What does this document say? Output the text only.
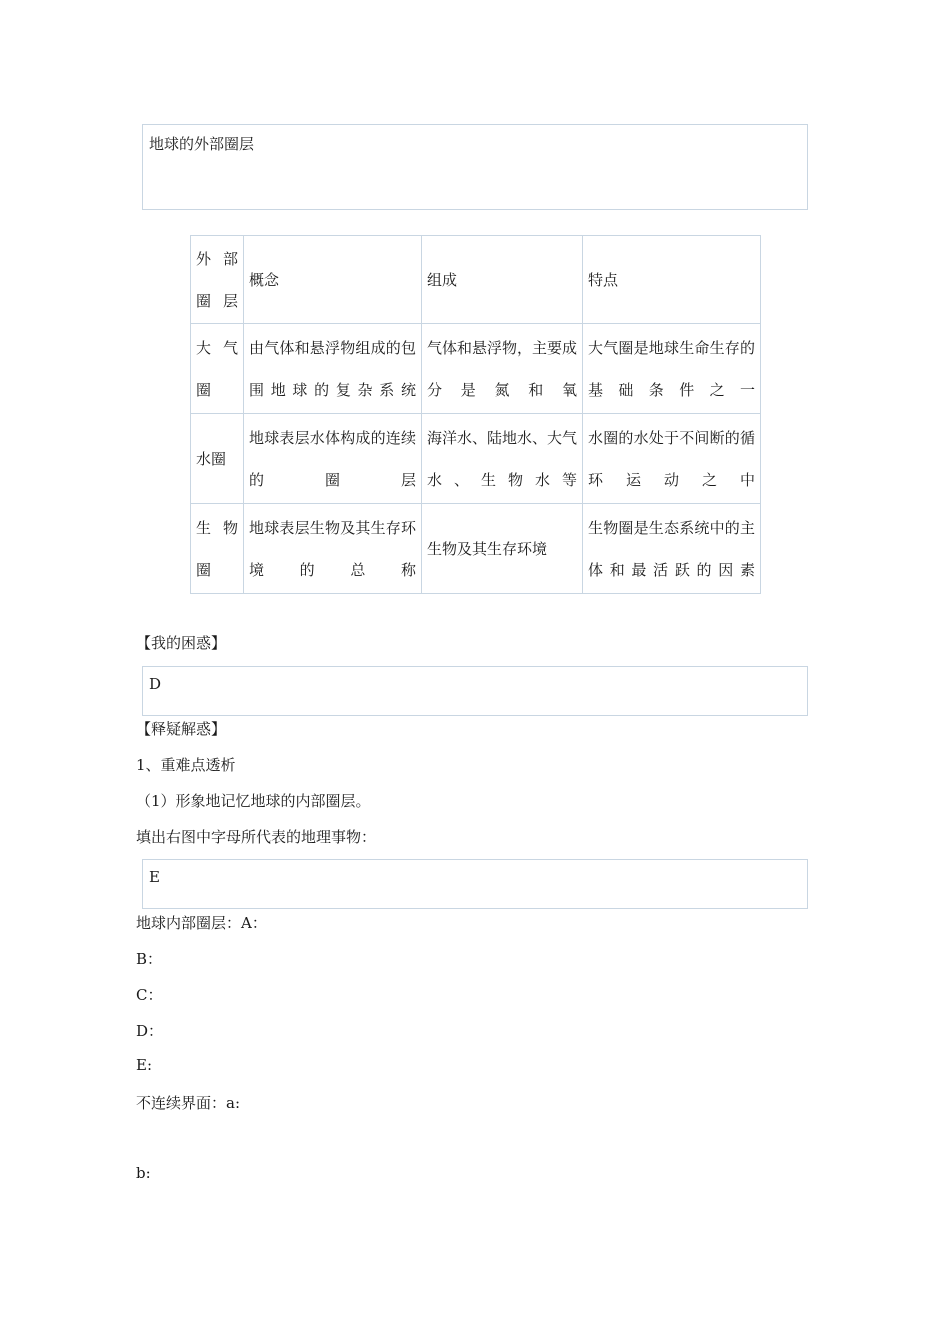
地球的外部圈层
外部圈层	概念	组成	特点
大气圈	由气体和悬浮物组成的包围地球的复杂系统	气体和悬浮物，主要成分是氮和氧	大气圈是地球生命生存的基础条件之一
水圈	地球表层水体构成的连续的圈层	海洋水、陆地水、大气水、生物水等	水圈的水处于不间断的循环运动之中
生物圈	地球表层生物及其生存环境的总称	生物及其生存环境	生物圈是生态系统中的主体和最活跃的因素
【我的困惑】
D
【释疑解惑】
1、重难点透析
（1）形象地记忆地球的内部圈层。
填出右图中字母所代表的地理事物：
E
地球内部圈层：A：
B：
C：
D：
E:
不连续界面：a:
b:
